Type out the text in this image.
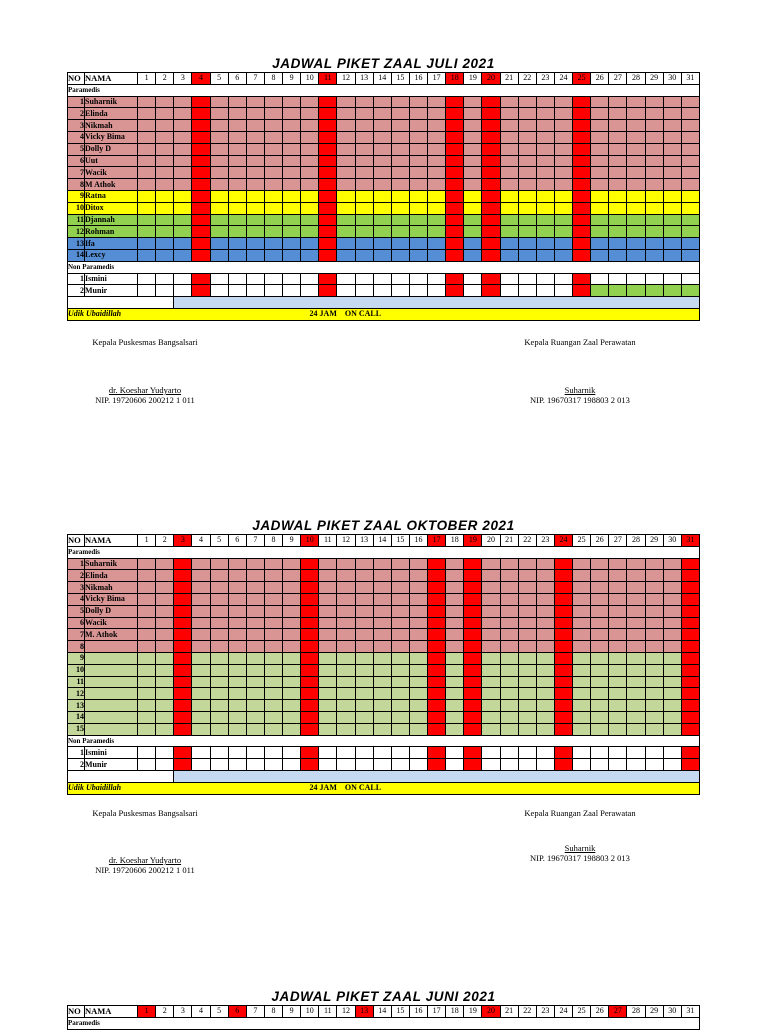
JADWAL PIKET ZAAL JULI 2021
NO	NAMA	1	2	3	4	5	6	7	8	9	10	11	12	13	14	15	16	17	18	19	20	21	22	23	24	25	26	27	28	29	30	31
Paramedis																																
1	Suharnik																															
2	Elinda																															
3	Nikmah																															
4	Vicky Bima																															
5	Dolly D																															
6	Uut																															
7	Wacik																															
8	M Athok																															
9	Ratna																															
10	Ditox																															
11	Djannah																															
12	Rohman																															
13	Ifa																															
14	Lexcy																															
Non Paramedis																																
1	Ismini																															
2	Munir																															

Udik Ubaidillah						24 JAM							ON CALL																			
Kepala Puskesmas Bangsalsari	Kepala Ruangan Zaal Perawatan
dr. Koeshar Yudyarto
NIP. 19720606 200212 1 011
Suharnik
NIP. 19670317 198803 2 013
JADWAL PIKET ZAAL OKTOBER 2021
NO	NAMA	1	2	3	4	5	6	7	8	9	10	11	12	13	14	15	16	17	18	19	20	21	22	23	24	25	26	27	28	29	30	31
Paramedis																																
1	Suharnik																															
2	Elinda																															
3	Nikmah																															
4	Vicky Bima																															
5	Dolly D																															
6	Wacik																															
7	M. Athok																															
8																																
9																																
10																																
11																																
12																																
13																																
14																																
15																																
Non Paramedis																																
1	Ismini																															
2	Munir																															

Udik Ubaidillah						24 JAM							ON CALL																			
Kepala Puskesmas Bangsalsari	Kepala Ruangan Zaal Perawatan
dr. Koeshar Yudyarto
NIP. 19720606 200212 1 011
Suharnik
NIP. 19670317 198803 2 013
JADWAL PIKET ZAAL JUNI 2021
NO	NAMA	1	2	3	4	5	6	7	8	9	10	11	12	13	14	15	16	17	18	19	20	21	22	23	24	25	26	27	28	29	30	31
Paramedis
